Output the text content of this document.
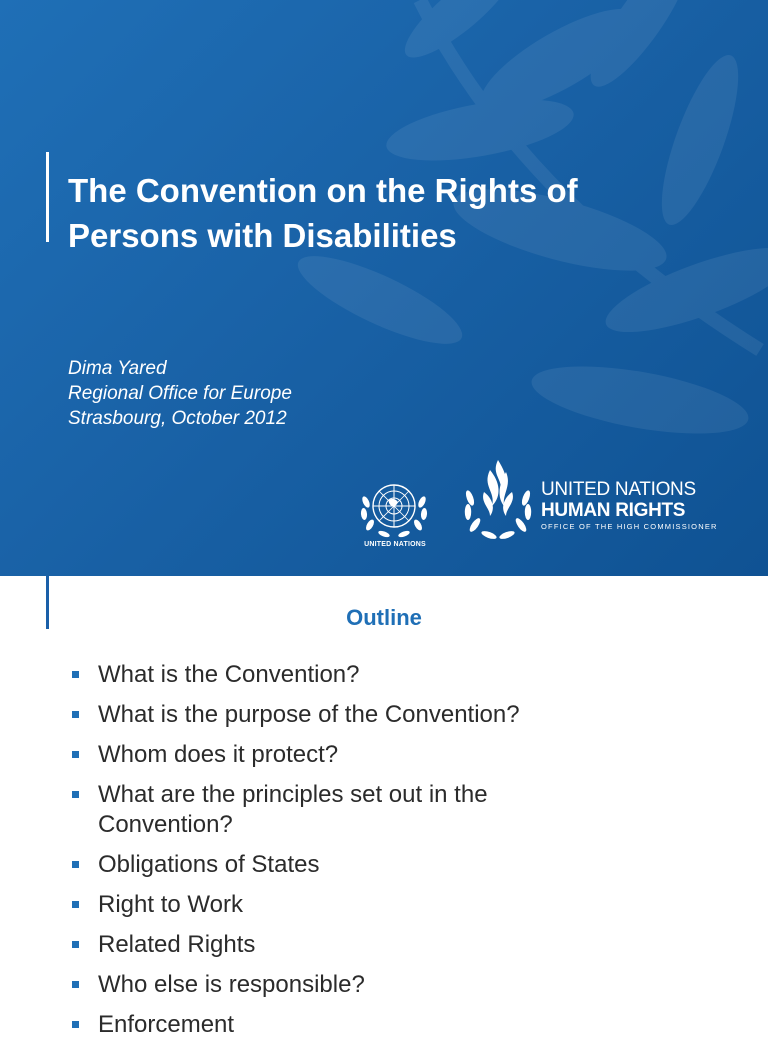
The Convention on the Rights of
Persons with Disabilities
Dima Yared
Regional Office for Europe
Strasbourg, October 2012
UNITED NATIONS
UNITED NATIONS
HUMAN RIGHTS
OFFICE OF THE HIGH COMMISSIONER
Outline
What is the Convention?
What is the purpose of the Convention?
Whom does it protect?
What are the principles set out in the Convention?
Obligations of States
Right to Work
Related Rights
Who else is responsible?
Enforcement
